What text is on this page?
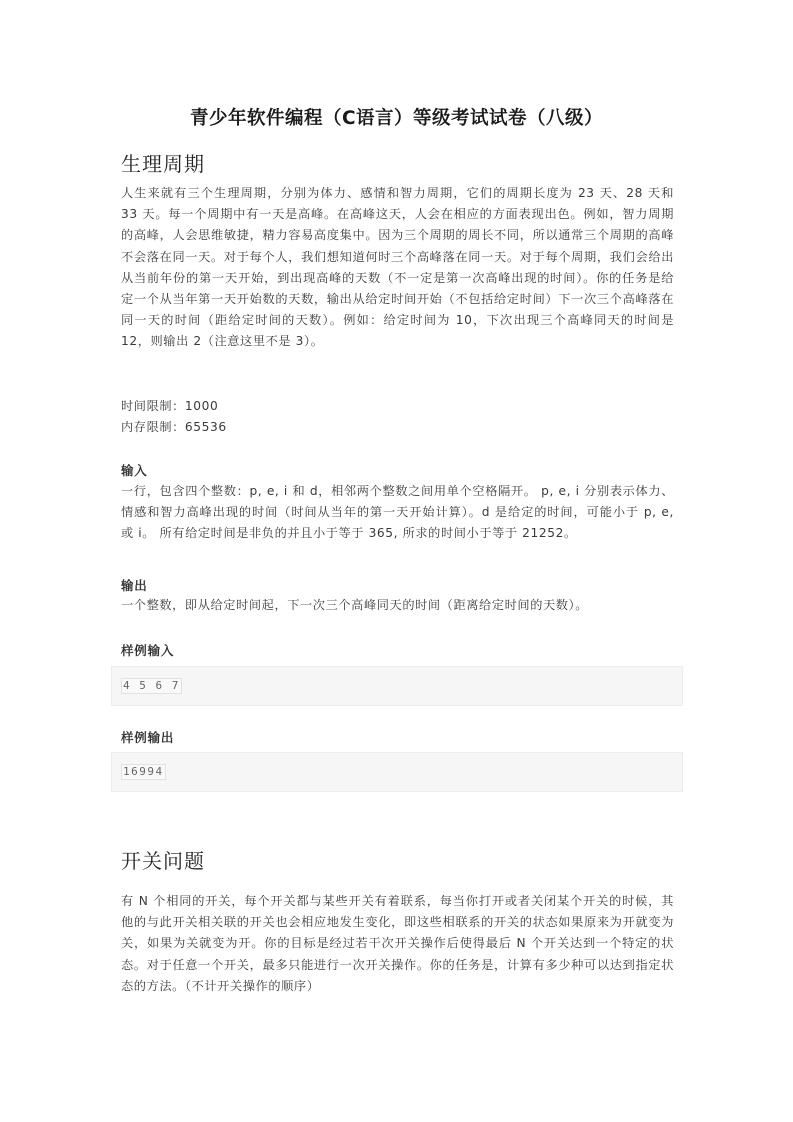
青少年软件编程（C语言）等级考试试卷（八级）
生理周期

人生来就有三个生理周期，分别为体力、感情和智力周期，它们的周期长度为 23 天、28 天和 33 天。每一个周期中有一天是高峰。在高峰这天，人会在相应的方面表现出色。例如，智力周期的高峰，人会思维敏捷，精力容易高度集中。因为三个周期的周长不同，所以通常三个周期的高峰不会落在同一天。对于每个人，我们想知道何时三个高峰落在同一天。对于每个周期，我们会给出从当前年份的第一天开始，到出现高峰的天数（不一定是第一次高峰出现的时间）。你的任务是给定一个从当年第一天开始数的天数，输出从给定时间开始（不包括给定时间）下一次三个高峰落在同一天的时间（距给定时间的天数）。例如：给定时间为 10，下次出现三个高峰同天的时间是 12，则输出 2（注意这里不是 3）。

时间限制：1000
内存限制：65536
输入

一行，包含四个整数：p, e, i 和 d，相邻两个整数之间用单个空格隔开。 p, e, i 分别表示体力、情感和智力高峰出现的时间（时间从当年的第一天开始计算）。d 是给定的时间，可能小于 p, e, 或 i。 所有给定时间是非负的并且小于等于 365, 所求的时间小于等于 21252。

输出

一个整数，即从给定时间起，下一次三个高峰同天的时间（距离给定时间的天数）。

样例输入
4 5 6 7
样例输出
16994
开关问题

有 N 个相同的开关，每个开关都与某些开关有着联系，每当你打开或者关闭某个开关的时候，其他的与此开关相关联的开关也会相应地发生变化，即这些相联系的开关的状态如果原来为开就变为关，如果为关就变为开。你的目标是经过若干次开关操作后使得最后 N 个开关达到一个特定的状态。对于任意一个开关，最多只能进行一次开关操作。你的任务是，计算有多少种可以达到指定状态的方法。（不计开关操作的顺序）
